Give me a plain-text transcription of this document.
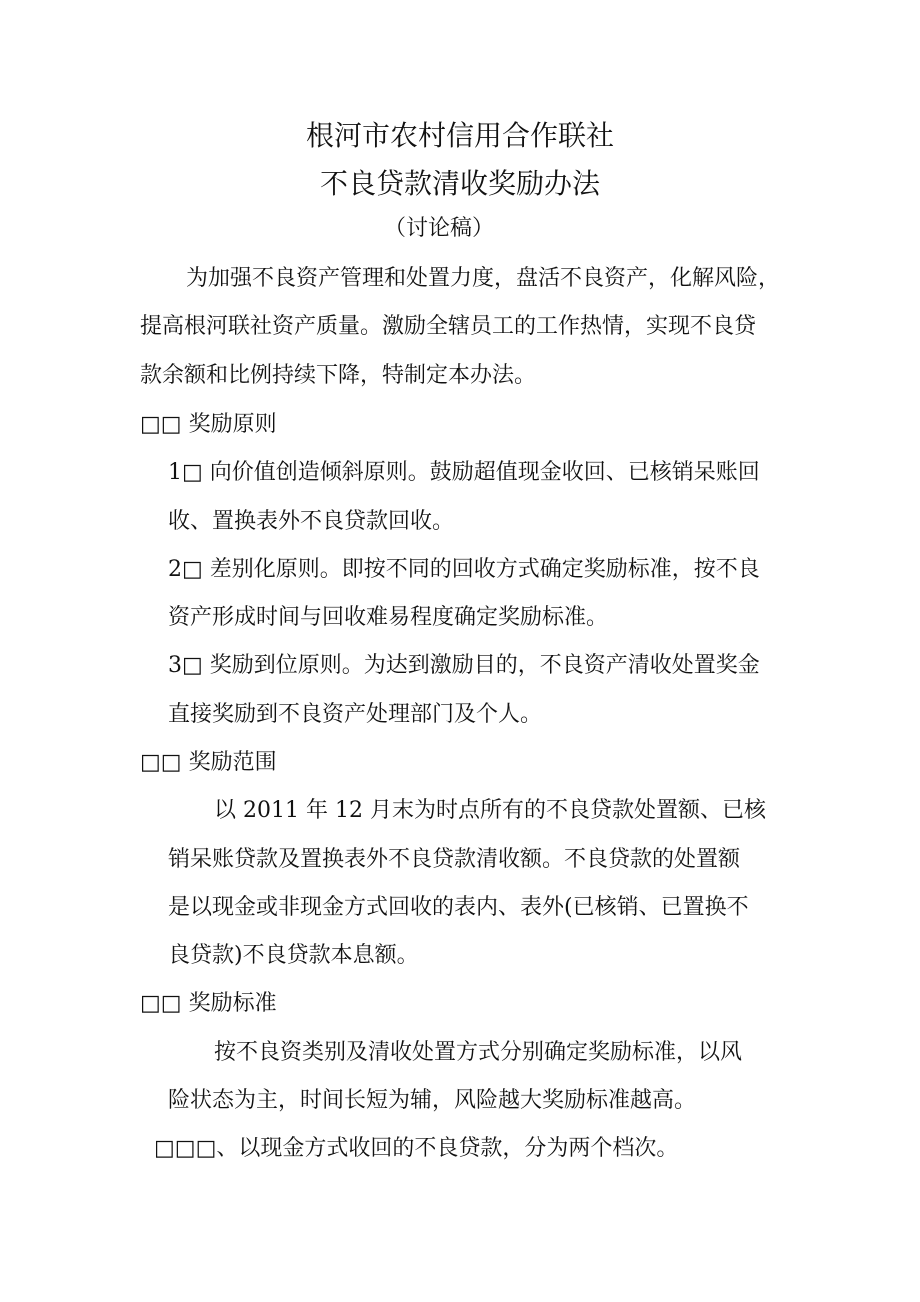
根河市农村信用合作联社
不良贷款清收奖励办法
（讨论稿）
为加强不良资产管理和处置力度，盘活不良资产，化解风险，
提高根河联社资产质量。激励全辖员工的工作热情，实现不良贷
款余额和比例持续下降，特制定本办法。
□□ 奖励原则
1□ 向价值创造倾斜原则。鼓励超值现金收回、已核销呆账回
收、置换表外不良贷款回收。
2□ 差别化原则。即按不同的回收方式确定奖励标准，按不良
资产形成时间与回收难易程度确定奖励标准。
3□ 奖励到位原则。为达到激励目的，不良资产清收处置奖金
直接奖励到不良资产处理部门及个人。
□□ 奖励范围
以 2011 年 12 月末为时点所有的不良贷款处置额、已核
销呆账贷款及置换表外不良贷款清收额。不良贷款的处置额
是以现金或非现金方式回收的表内、表外(已核销、已置换不
良贷款)不良贷款本息额。
□□ 奖励标准
按不良资类别及清收处置方式分别确定奖励标准，以风
险状态为主，时间长短为辅，风险越大奖励标准越高。
□□□、以现金方式收回的不良贷款，分为两个档次。
